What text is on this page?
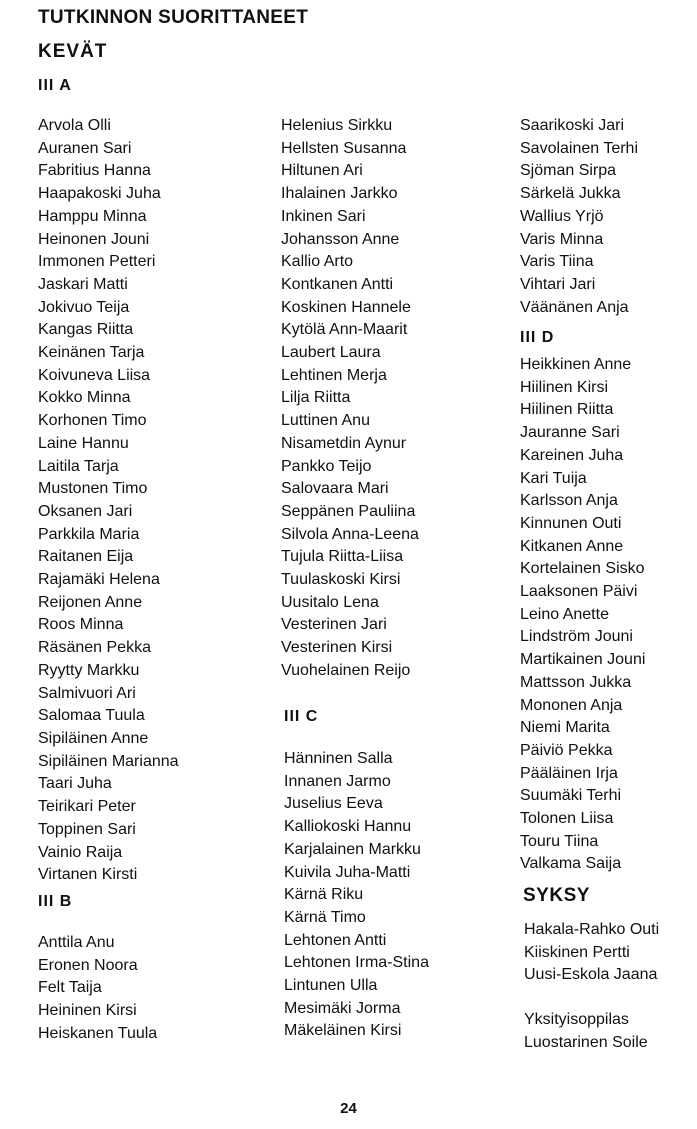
TUTKINNON SUORITTANEET
KEVÄT
III A
Arvola Olli
Auranen Sari
Fabritius Hanna
Haapakoski Juha
Hamppu Minna
Heinonen Jouni
Immonen Petteri
Jaskari Matti
Jokivuo Teija
Kangas Riitta
Keinänen Tarja
Koivuneva Liisa
Kokko Minna
Korhonen Timo
Laine Hannu
Laitila Tarja
Mustonen Timo
Oksanen Jari
Parkkila Maria
Raitanen Eija
Rajamäki Helena
Reijonen Anne
Roos Minna
Räsänen Pekka
Ryytty Markku
Salmivuori Ari
Salomaa Tuula
Sipiläinen Anne
Sipiläinen Marianna
Taari Juha
Teirikari Peter
Toppinen Sari
Vainio Raija
Virtanen Kirsti
III B
Anttila Anu
Eronen Noora
Felt Taija
Heininen Kirsi
Heiskanen Tuula
Helenius Sirkku
Hellsten Susanna
Hiltunen Ari
Ihalainen Jarkko
Inkinen Sari
Johansson Anne
Kallio Arto
Kontkanen Antti
Koskinen Hannele
Kytölä Ann-Maarit
Laubert Laura
Lehtinen Merja
Lilja Riitta
Luttinen Anu
Nisametdin Aynur
Pankko Teijo
Salovaara Mari
Seppänen Pauliina
Silvola Anna-Leena
Tujula Riitta-Liisa
Tuulaskoski Kirsi
Uusitalo Lena
Vesterinen Jari
Vesterinen Kirsi
Vuohelainen Reijo
III C
Hänninen Salla
Innanen Jarmo
Juselius Eeva
Kalliokoski Hannu
Karjalainen Markku
Kuivila Juha-Matti
Kärnä Riku
Kärnä Timo
Lehtonen Antti
Lehtonen Irma-Stina
Lintunen Ulla
Mesimäki Jorma
Mäkeläinen Kirsi
Saarikoski Jari
Savolainen Terhi
Sjöman Sirpa
Särkelä Jukka
Wallius Yrjö
Varis Minna
Varis Tiina
Vihtari Jari
Väänänen Anja
III D
Heikkinen Anne
Hiilinen Kirsi
Hiilinen Riitta
Jauranne Sari
Kareinen Juha
Kari Tuija
Karlsson Anja
Kinnunen Outi
Kitkanen Anne
Kortelainen Sisko
Laaksonen Päivi
Leino Anette
Lindström Jouni
Martikainen Jouni
Mattsson Jukka
Mononen Anja
Niemi Marita
Päiviö Pekka
Pääläinen Irja
Suumäki Terhi
Tolonen Liisa
Touru Tiina
Valkama Saija
SYKSY
Hakala-Rahko Outi
Kiiskinen Pertti
Uusi-Eskola Jaana
Yksityisoppilas
Luostarinen Soile
24
